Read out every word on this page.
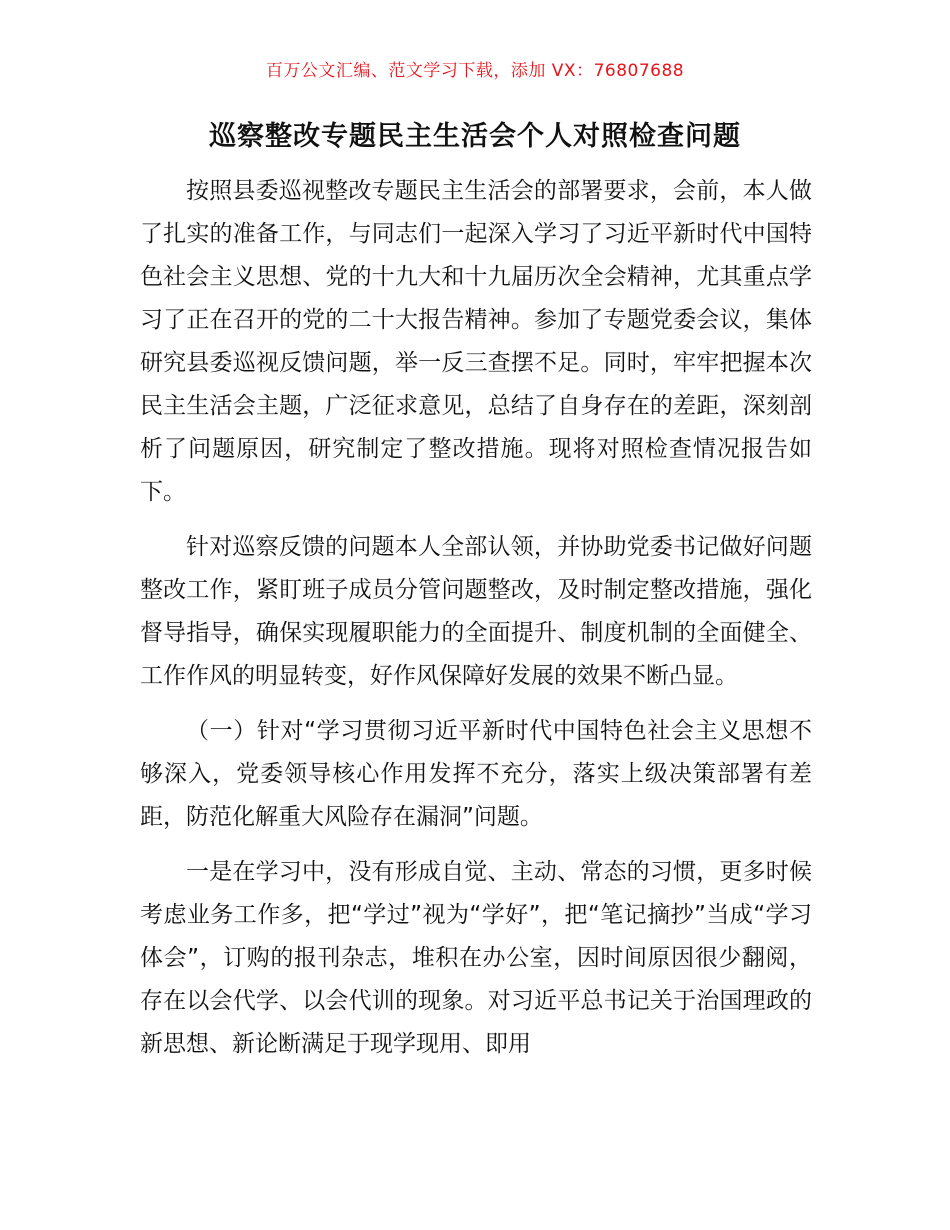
百万公文汇编、范文学习下载，添加 VX：76807688
巡察整改专题民主生活会个人对照检查问题

按照县委巡视整改专题民主生活会的部署要求，会前，本人做了扎实的准备工作，与同志们一起深入学习了习近平新时代中国特色社会主义思想、党的十九大和十九届历次全会精神，尤其重点学习了正在召开的党的二十大报告精神。参加了专题党委会议，集体研究县委巡视反馈问题，举一反三查摆不足。同时，牢牢把握本次民主生活会主题，广泛征求意见，总结了自身存在的差距，深刻剖析了问题原因，研究制定了整改措施。现将对照检查情况报告如下。

针对巡察反馈的问题本人全部认领，并协助党委书记做好问题整改工作，紧盯班子成员分管问题整改，及时制定整改措施，强化督导指导，确保实现履职能力的全面提升、制度机制的全面健全、工作作风的明显转变，好作风保障好发展的效果不断凸显。

（一）针对“学习贯彻习近平新时代中国特色社会主义思想不够深入，党委领导核心作用发挥不充分，落实上级决策部署有差距，防范化解重大风险存在漏洞”问题。

一是在学习中，没有形成自觉、主动、常态的习惯，更多时候考虑业务工作多，把“学过”视为“学好”，把“笔记摘抄”当成“学习体会”，订购的报刊杂志，堆积在办公室，因时间原因很少翻阅，存在以会代学、以会代训的现象。对习近平总书记关于治国理政的新思想、新论断满足于现学现用、即用
